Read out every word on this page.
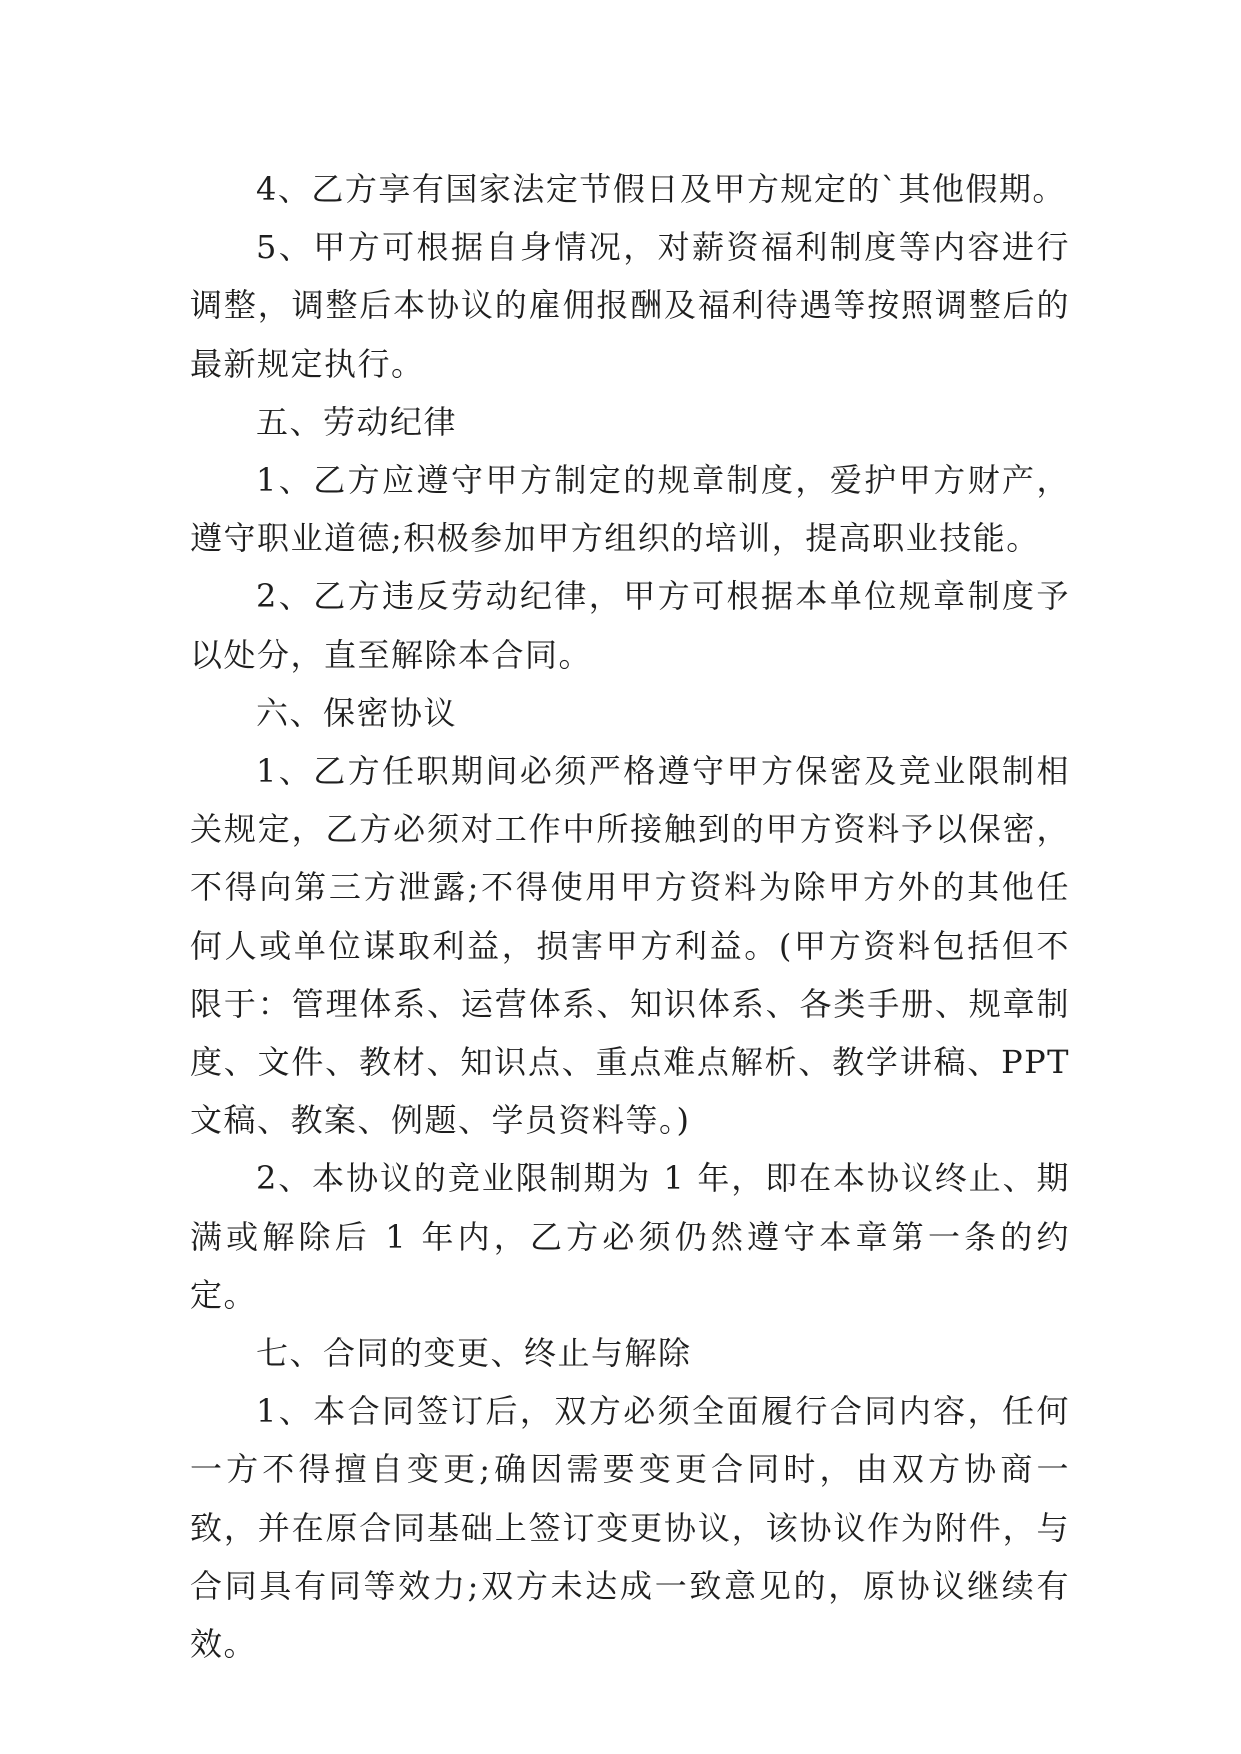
4、乙方享有国家法定节假日及甲方规定的`其他假期。

5、甲方可根据自身情况，对薪资福利制度等内容进行调整，调整后本协议的雇佣报酬及福利待遇等按照调整后的最新规定执行。

五、劳动纪律

1、乙方应遵守甲方制定的规章制度，爱护甲方财产，遵守职业道德;积极参加甲方组织的培训，提高职业技能。

2、乙方违反劳动纪律，甲方可根据本单位规章制度予以处分，直至解除本合同。

六、保密协议

1、乙方任职期间必须严格遵守甲方保密及竞业限制相关规定，乙方必须对工作中所接触到的甲方资料予以保密，不得向第三方泄露;不得使用甲方资料为除甲方外的其他任何人或单位谋取利益，损害甲方利益。(甲方资料包括但不限于：管理体系、运营体系、知识体系、各类手册、规章制度、文件、教材、知识点、重点难点解析、教学讲稿、PPT文稿、教案、例题、学员资料等。)

2、本协议的竞业限制期为 1 年，即在本协议终止、期满或解除后 1 年内，乙方必须仍然遵守本章第一条的约定。

七、合同的变更、终止与解除

1、本合同签订后，双方必须全面履行合同内容，任何一方不得擅自变更;确因需要变更合同时，由双方协商一致，并在原合同基础上签订变更协议，该协议作为附件，与合同具有同等效力;双方未达成一致意见的，原协议继续有效。
